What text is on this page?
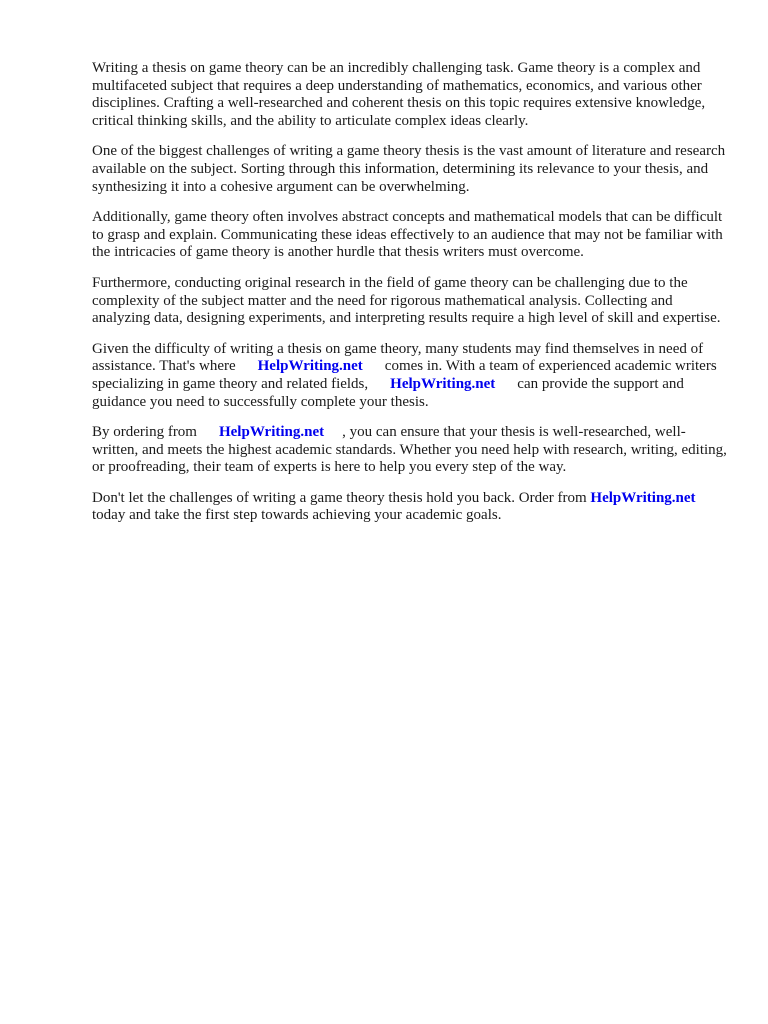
Writing a thesis on game theory can be an incredibly challenging task. Game theory is a complex and multifaceted subject that requires a deep understanding of mathematics, economics, and various other disciplines. Crafting a well-researched and coherent thesis on this topic requires extensive knowledge, critical thinking skills, and the ability to articulate complex ideas clearly.

One of the biggest challenges of writing a game theory thesis is the vast amount of literature and research available on the subject. Sorting through this information, determining its relevance to your thesis, and synthesizing it into a cohesive argument can be overwhelming.

Additionally, game theory often involves abstract concepts and mathematical models that can be difficult to grasp and explain. Communicating these ideas effectively to an audience that may not be familiar with the intricacies of game theory is another hurdle that thesis writers must overcome.

Furthermore, conducting original research in the field of game theory can be challenging due to the complexity of the subject matter and the need for rigorous mathematical analysis. Collecting and analyzing data, designing experiments, and interpreting results require a high level of skill and expertise.

Given the difficulty of writing a thesis on game theory, many students may find themselves in need of assistance. That's where HelpWriting.net comes in. With a team of experienced academic writers specializing in game theory and related fields, HelpWriting.net can provide the support and guidance you need to successfully complete your thesis.

By ordering from HelpWriting.net , you can ensure that your thesis is well-researched, well-written, and meets the highest academic standards. Whether you need help with research, writing, editing, or proofreading, their team of experts is here to help you every step of the way.

Don't let the challenges of writing a game theory thesis hold you back. Order from HelpWriting.nettoday and take the first step towards achieving your academic goals.
